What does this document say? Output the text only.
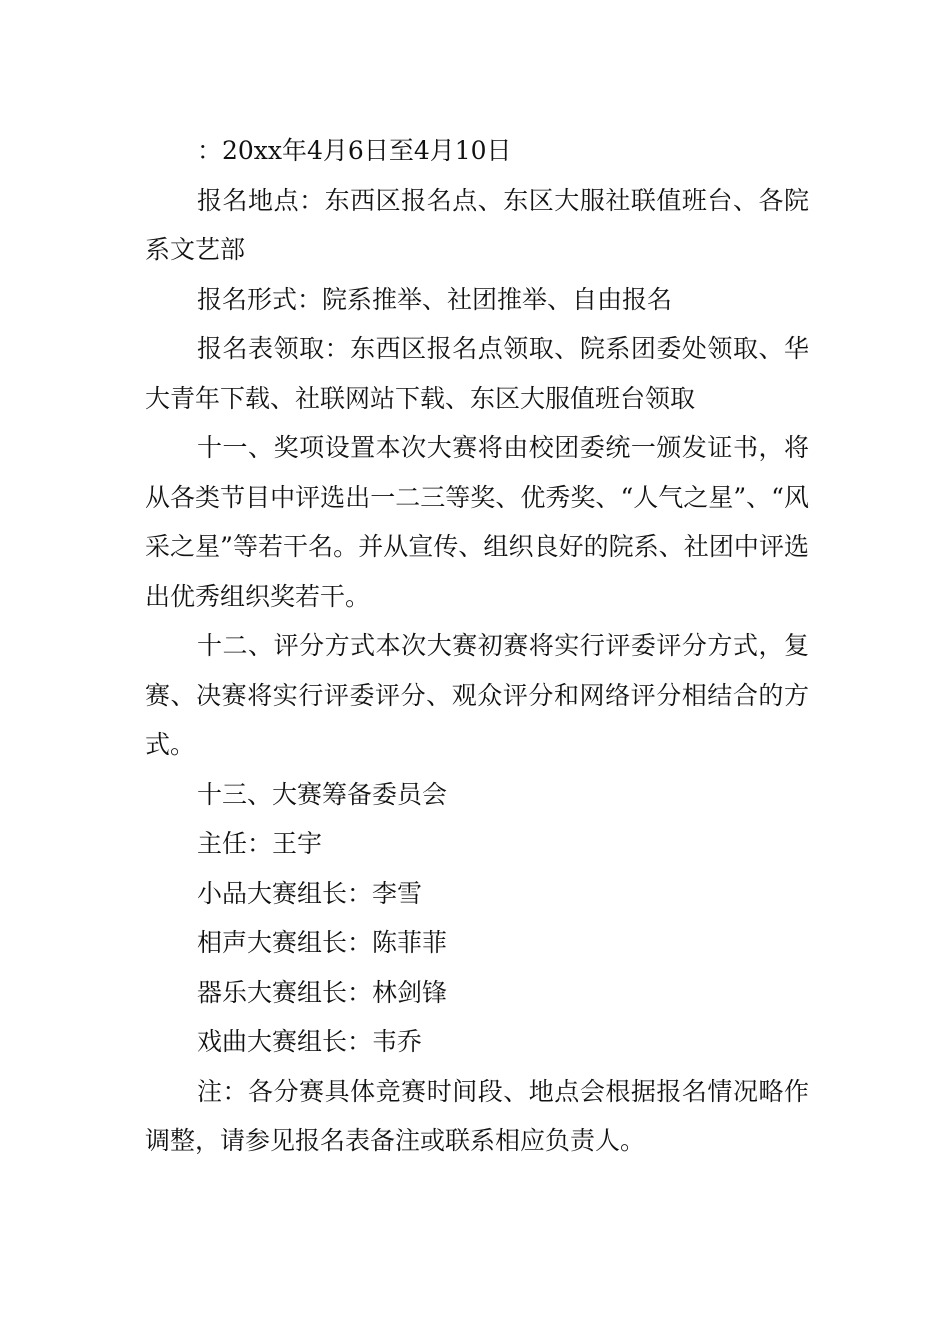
：20xx年4月6日至4月10日

报名地点：东西区报名点、东区大服社联值班台、各院系文艺部

报名形式：院系推举、社团推举、自由报名

报名表领取：东西区报名点领取、院系团委处领取、华大青年下载、社联网站下载、东区大服值班台领取

十一、奖项设置本次大赛将由校团委统一颁发证书，将从各类节目中评选出一二三等奖、优秀奖、“人气之星”、“风采之星”等若干名。并从宣传、组织良好的院系、社团中评选出优秀组织奖若干。

十二、评分方式本次大赛初赛将实行评委评分方式，复赛、决赛将实行评委评分、观众评分和网络评分相结合的方式。

十三、大赛筹备委员会

主任：王宇

小品大赛组长：李雪

相声大赛组长：陈菲菲

器乐大赛组长：林剑锋

戏曲大赛组长：韦乔

注：各分赛具体竞赛时间段、地点会根据报名情况略作调整，请参见报名表备注或联系相应负责人。
